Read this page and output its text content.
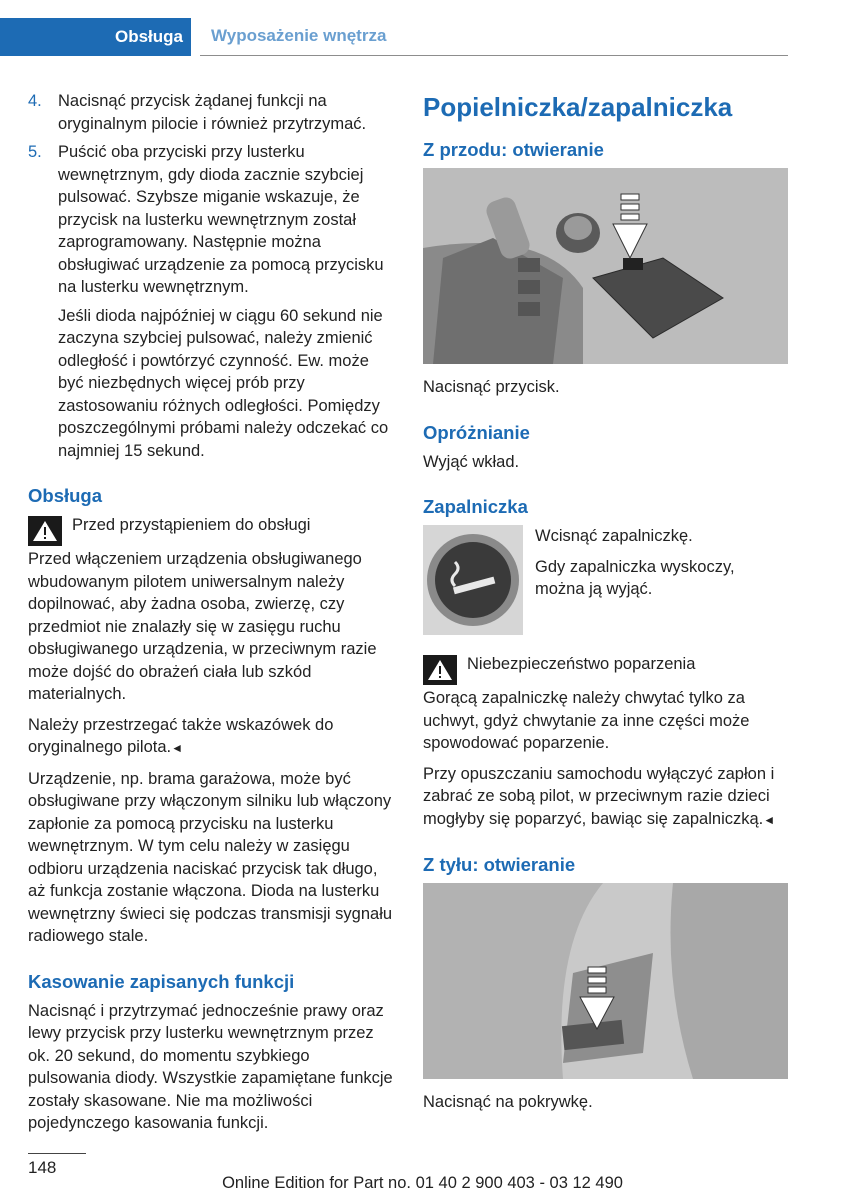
Obsługa Wyposażenie wnętrza
4. Nacisnąć przycisk żądanej funkcji na oryginalnym pilocie i również przytrzymać.
5. Puścić oba przyciski przy lusterku wewnętrznym, gdy dioda zacznie szybciej pulsować. Szybsze miganie wskazuje, że przycisk na lusterku wewnętrznym został zaprogramowany. Następnie można obsługiwać urządzenie za pomocą przycisku na lusterku wewnętrznym.

Jeśli dioda najpóźniej w ciągu 60 sekund nie zaczyna szybciej pulsować, należy zmienić odległość i powtórzyć czynność. Ew. może być niezbędnych więcej prób przy zastosowaniu różnych odległości. Pomiędzy poszczególnymi próbami należy odczekać co najmniej 15 sekund.

Obsługa
Przed przystąpieniem do obsługi

Przed włączeniem urządzenia obsługiwanego wbudowanym pilotem uniwersalnym należy dopilnować, aby żadna osoba, zwierzę, czy przedmiot nie znalazły się w zasięgu ruchu obsługiwanego urządzenia, w przeciwnym razie może dojść do obrażeń ciała lub szkód materialnych.

Należy przestrzegać także wskazówek do oryginalnego pilota.◄

Urządzenie, np. brama garażowa, może być obsługiwane przy włączonym silniku lub włączony zapłonie za pomocą przycisku na lusterku wewnętrznym. W tym celu należy w zasięgu odbioru urządzenia naciskać przycisk tak długo, aż funkcja zostanie włączona. Dioda na lusterku wewnętrzny świeci się podczas transmisji sygnału radiowego stale.

Kasowanie zapisanych funkcji

Nacisnąć i przytrzymać jednocześnie prawy oraz lewy przycisk przy lusterku wewnętrznym przez ok. 20 sekund, do momentu szybkiego pulsowania diody. Wszystkie zapamiętane funkcje zostały skasowane. Nie ma możliwości pojedynczego kasowania funkcji.

Popielniczka/zapalniczka
Z przodu: otwieranie

Nacisnąć przycisk.

Opróżnianie

Wyjąć wkład.

Zapalniczka

Wcisnąć zapalniczkę.

Gdy zapalniczka wyskoczy, można ją wyjąć.

Niebezpieczeństwo poparzenia

Gorącą zapalniczkę należy chwytać tylko za uchwyt, gdyż chwytanie za inne części może spowodować poparzenie.

Przy opuszczaniu samochodu wyłączyć zapłon i zabrać ze sobą pilot, w przeciwnym razie dzieci mogłyby się poparzyć, bawiąc się zapalniczką.◄

Z tyłu: otwieranie

Nacisnąć na pokrywkę.

148
Online Edition for Part no. 01 40 2 900 403 - 03 12 490
